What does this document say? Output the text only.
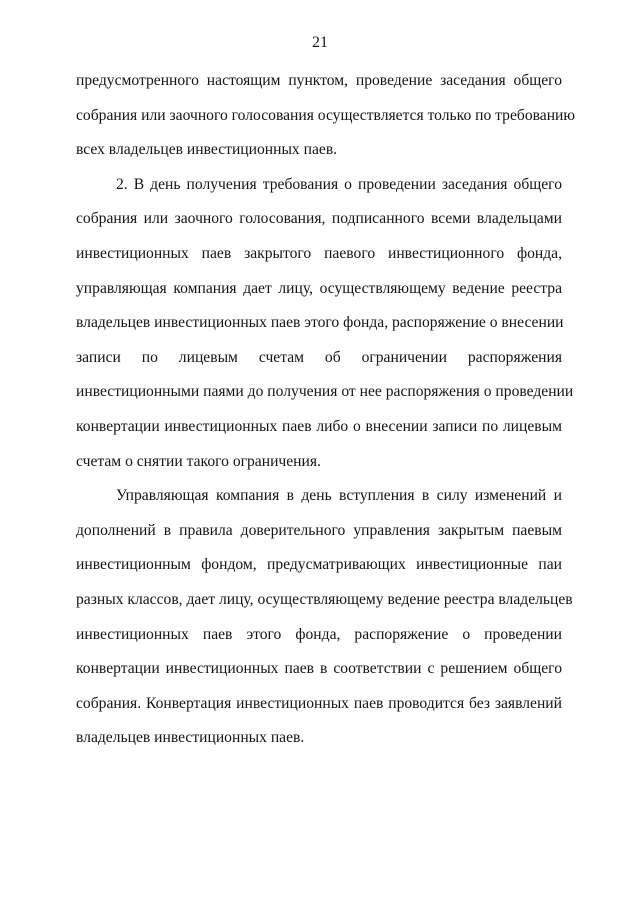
21
предусмотренного настоящим пунктом, проведение заседания общего
собрания или заочного голосования осуществляется только по требованию
всех владельцев инвестиционных паев.
2. В день получения требования о проведении заседания общего
собрания или заочного голосования, подписанного всеми владельцами
инвестиционных паев закрытого паевого инвестиционного фонда,
управляющая компания дает лицу, осуществляющему ведение реестра
владельцев инвестиционных паев этого фонда, распоряжение о внесении
записи по лицевым счетам об ограничении распоряжения
инвестиционными паями до получения от нее распоряжения о проведении
конвертации инвестиционных паев либо о внесении записи по лицевым
счетам о снятии такого ограничения.
Управляющая компания в день вступления в силу изменений и
дополнений в правила доверительного управления закрытым паевым
инвестиционным фондом, предусматривающих инвестиционные паи
разных классов, дает лицу, осуществляющему ведение реестра владельцев
инвестиционных паев этого фонда, распоряжение о проведении
конвертации инвестиционных паев в соответствии с решением общего
собрания. Конвертация инвестиционных паев проводится без заявлений
владельцев инвестиционных паев.
